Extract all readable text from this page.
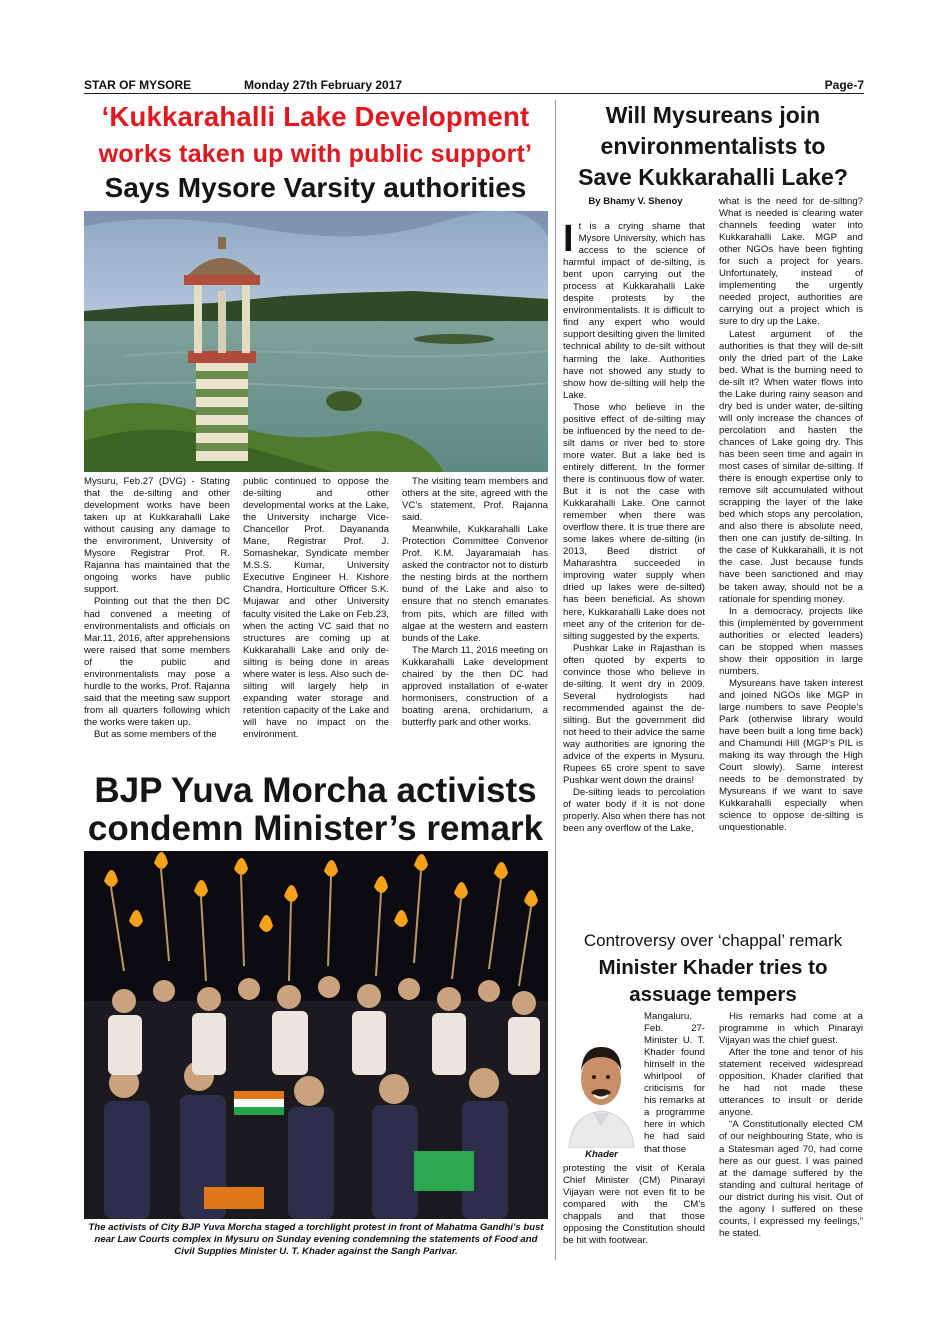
STAR OF MYSORE	Monday 27th February 2017	Page-7
‘Kukkarahalli Lake Development
works taken up with public support’
Says Mysore Varsity authorities

Mysuru, Feb.27 (DVG) - Stating that the de-silting and other development works have been taken up at Kukkarahalli Lake without causing any damage to the environment, University of Mysore Registrar Prof. R. Rajanna has maintained that the ongoing works have public support.

Pointing out that the then DC had convened a meeting of environmentalists and officials on Mar.11, 2016, after apprehensions were raised that some members of the public and environmentalists may pose a hurdle to the works, Prof. Rajanna said that the meeting saw support from all quarters following which the works were taken up.

But as some members of the

public continued to oppose the de-silting and other developmental works at the Lake, the University incharge Vice-Chancellor Prof. Dayananda Mane, Registrar Prof. J. Somashekar, Syndicate member M.S.S. Kumar, University Executive Engineer H. Kishore Chandra, Horticulture Officer S.K. Mujawar and other University faculty visited the Lake on Feb.23, when the acting VC said that no structures are coming up at Kukkarahalli Lake and only de-silting is being done in areas where water is less. Also such de-silting will largely help in expanding water storage and retention capacity of the Lake and will have no impact on the environment.

The visiting team members and others at the site, agreed with the VC’s statement, Prof. Rajanna said.

Meanwhile, Kukkarahalli Lake Protection Committee Convenor Prof. K.M. Jayaramaiah has asked the contractor not to disturb the nesting birds at the northern bund of the Lake and also to ensure that no stench emanates from pits, which are filled with algae at the western and eastern bunds of the Lake.

The March 11, 2016 meeting on Kukkarahalli Lake development chaired by the then DC had approved installation of e-water hormonisers, construction of a boating arena, orchidarium, a butterfly park and other works.

BJP Yuva Morcha activists
condemn Minister’s remark
The activists of City BJP Yuva Morcha staged a torchlight protest in front of Mahatma Gandhi’s bust near Law Courts complex in Mysuru on Sunday evening condemning the statements of Food and Civil Supplies Minister U. T. Khader against the Sangh Parivar.
Will Mysureans join
environmentalists to
Save Kukkarahalli Lake?
By Bhamy V. Shenoy

It is a crying shame that Mysore University, which has access to the science of harmful impact of de-silting, is bent upon carrying out the process at Kukkarahalli Lake despite protests by the environmentalists. It is difficult to find any expert who would support desilting given the limited technical ability to de-silt without harming the lake. Authorities have not showed any study to show how de-silting will help the Lake.

Those who believe in the positive effect of de-silting may be influenced by the need to de-silt dams or river bed to store more water. But a lake bed is entirely different. In the former there is continuous flow of water. But it is not the case with Kukkarahalli Lake. One cannot remember when there was overflow there. It is true there are some lakes where de-silting (in 2013, Beed district of Maharashtra succeeded in improving water supply when dried up lakes were de-silted) has been beneficial. As shown here, Kukkarahalli Lake does not meet any of the criterion for de-silting suggested by the experts.

Pushkar Lake in Rajasthan is often quoted by experts to convince those who believe in de-silting. It went dry in 2009. Several hydrologists had recommended against the de-silting. But the government did not heed to their advice the same way authorities are ignoring the advice of the experts in Mysuru. Rupees 65 crore spent to save Pushkar went down the drains!

De-silting leads to percolation of water body if it is not done properly. Also when there has not been any overflow of the Lake,

what is the need for de-silting? What is needed is clearing water channels feeding water into Kukkarahalli Lake. MGP and other NGOs have been fighting for such a project for years. Unfortunately, instead of implementing the urgently needed project, authorities are carrying out a project which is sure to dry up the Lake.

Latest argument of the authorities is that they will de-silt only the dried part of the Lake bed. What is the burning need to de-silt it? When water flows into the Lake during rainy season and dry bed is under water, de-silting will only increase the chances of percolation and hasten the chances of Lake going dry. This has been seen time and again in most cases of similar de-silting. If there is enough expertise only to remove silt accumulated without scrapping the layer of the lake bed which stops any percolation, and also there is absolute need, then one can justify de-silting. In the case of Kukkarahalli, it is not the case. Just because funds have been sanctioned and may be taken away, should not be a rationale for spending money.

In a democracy, projects like this (implemented by government authorities or elected leaders) can be stopped when masses show their opposition in large numbers.

Mysureans have taken interest and joined NGOs like MGP in large numbers to save People’s Park (otherwise library would have been built a long time back) and Chamundi Hill (MGP’s PIL is making its way through the High Court slowly). Same interest needs to be demonstrated by Mysureans if we want to save Kukkarahalli especially when science to oppose de-silting is unquestionable.

Controversy over ‘chappal’ remark
Minister Khader tries to
assuage tempers
Khader

Mangaluru, Feb. 27- Minister U. T. Khader found himself in the whirlpool of criticisms for his remarks at a programme here in which he had said that those

protesting the visit of Kerala Chief Minister (CM) Pinarayi Vijayan were not even fit to be compared with the CM’s chappals and that those opposing the Constitution should be hit with footwear.

His remarks had come at a programme in which Pinarayi Vijayan was the chief guest.

After the tone and tenor of his statement received widespread opposition, Khader clarified that he had not made these utterances to insult or deride anyone.

“A Constitutionally elected CM of our neighbouring State, who is a Statesman aged 70, had come here as our guest. I was pained at the damage suffered by the standing and cultural heritage of our district during his visit. Out of the agony I suffered on these counts, I expressed my feelings,” he stated.
